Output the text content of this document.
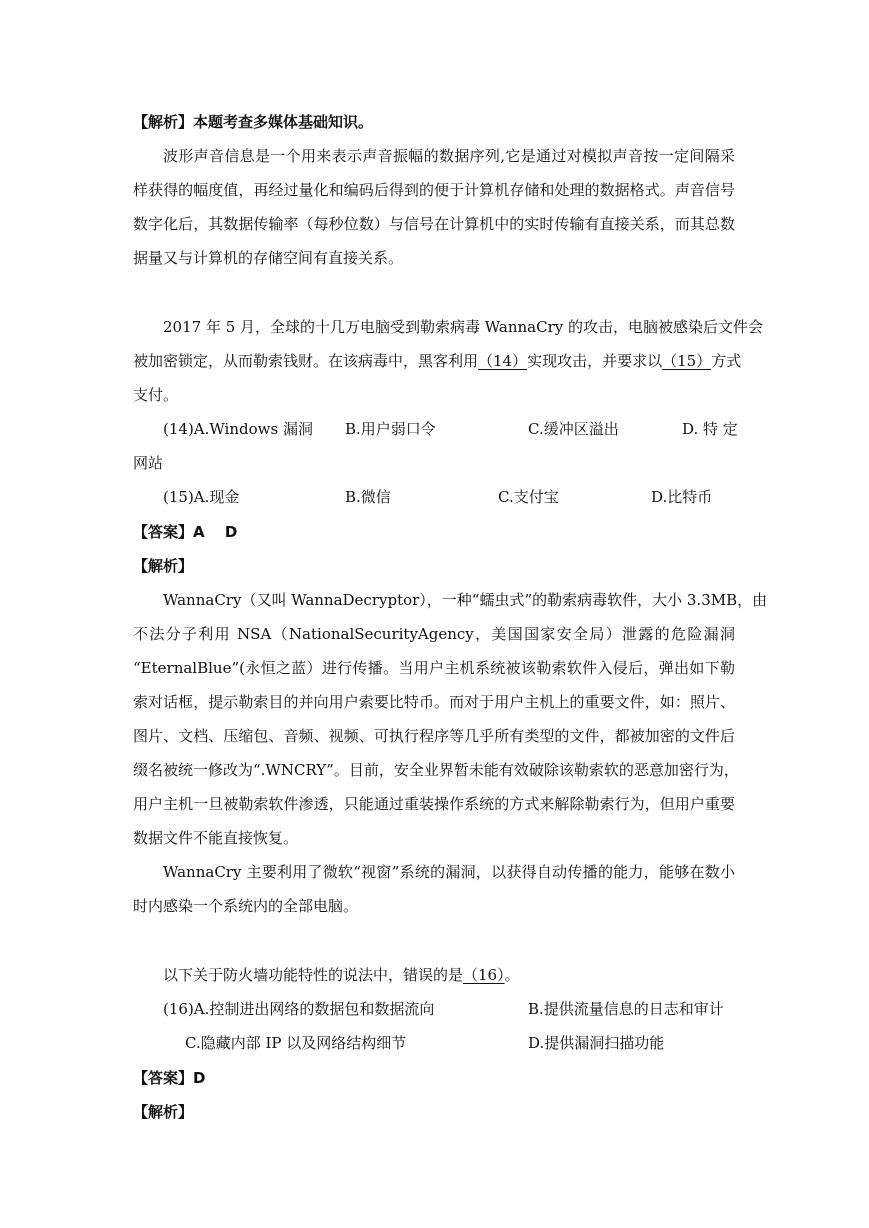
【解析】本题考查多媒体基础知识。
波形声音信息是一个用来表示声音振幅的数据序列,它是通过对模拟声音按一定间隔采
样获得的幅度值，再经过量化和编码后得到的便于计算机存储和处理的数据格式。声音信号
数字化后，其数据传输率（每秒位数）与信号在计算机中的实时传输有直接关系，而其总数
据量又与计算机的存储空间有直接关系。
2017 年 5 月，全球的十几万电脑受到勒索病毒 WannaCry 的攻击，电脑被感染后文件会
被加密锁定，从而勒索钱财。在该病毒中，黑客利用（14）实现攻击，并要求以（15）方式
支付。
(14)A.Windows 漏洞 B.用户弱口令	C.缓冲区溢出	D. 特 定
网站
(15)A.现金	B.微信	C.支付宝	D.比特币
【答案】A　 D
【解析】
WannaCry（又叫 WannaDecryptor），一种“蠕虫式”的勒索病毒软件，大小 3.3MB，由
不法分子利用 NSA（NationalSecurityAgency，美国国家安全局）泄露的危险漏洞
“EternalBlue”(永恒之蓝）进行传播。当用户主机系统被该勒索软件入侵后，弹出如下勒
索对话框，提示勒索目的并向用户索要比特币。而对于用户主机上的重要文件，如：照片、
图片、文档、压缩包、音频、视频、可执行程序等几乎所有类型的文件，都被加密的文件后
缀名被统一修改为“.WNCRY”。目前，安全业界暂未能有效破除该勒索软的恶意加密行为，
用户主机一旦被勒索软件渗透，只能通过重装操作系统的方式来解除勒索行为，但用户重要
数据文件不能直接恢复。
WannaCry 主要利用了微软“视窗”系统的漏洞，以获得自动传播的能力，能够在数小
时内感染一个系统内的全部电脑。
以下关于防火墙功能特性的说法中，错误的是（16）。
(16)A.控制进出网络的数据包和数据流向	B.提供流量信息的日志和审计
C.隐藏内部 IP 以及网络结构细节	D.提供漏洞扫描功能
【答案】D
【解析】
